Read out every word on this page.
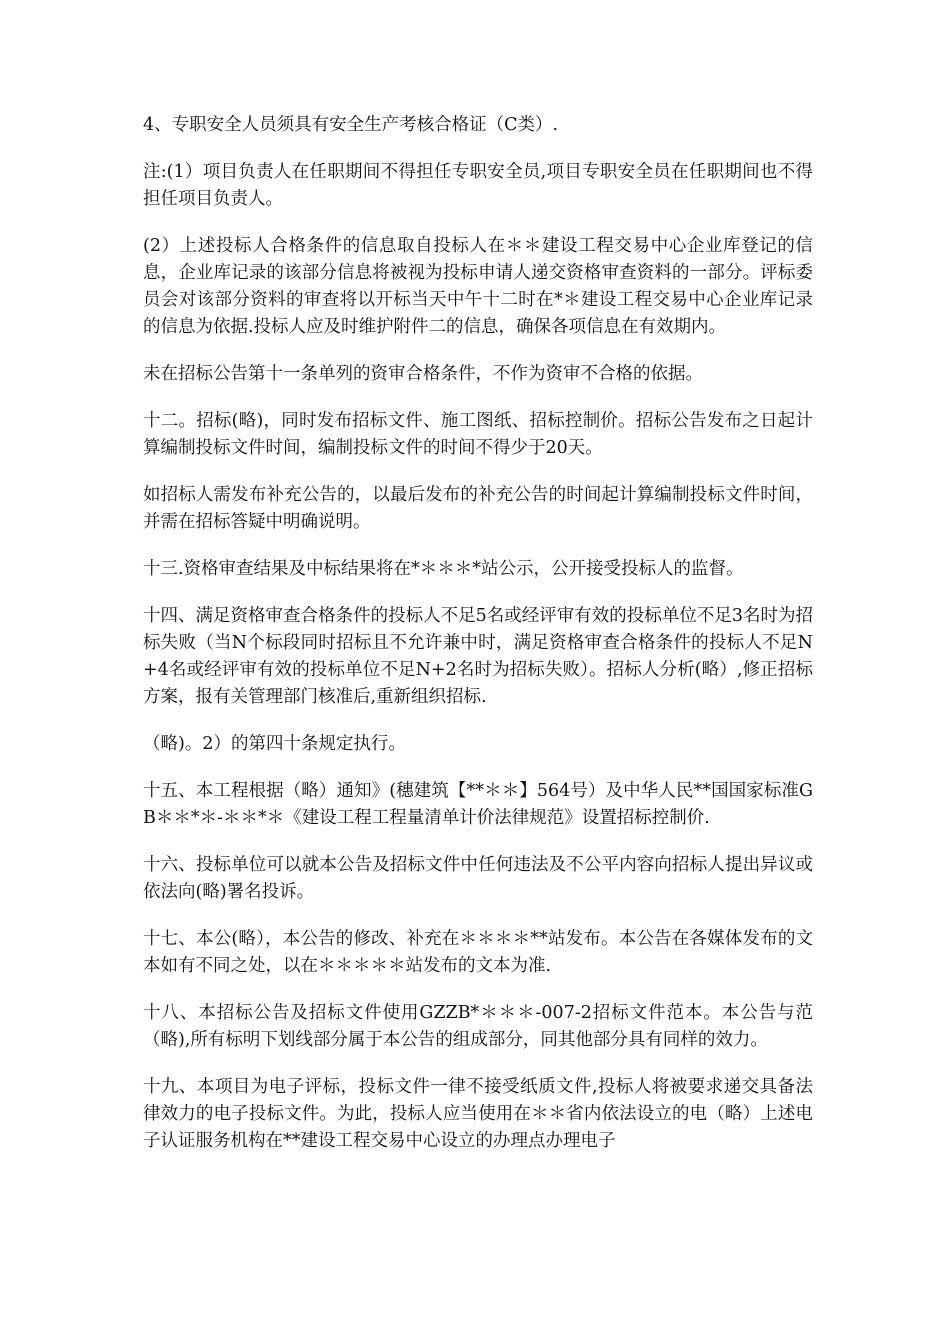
4、专职安全人员须具有安全生产考核合格证（C类）.

注:(1）项目负责人在任职期间不得担任专职安全员,项目专职安全员在任职期间也不得担任项目负责人。

(2）上述投标人合格条件的信息取自投标人在＊＊建设工程交易中心企业库登记的信息，企业库记录的该部分信息将被视为投标申请人递交资格审查资料的一部分。评标委员会对该部分资料的审查将以开标当天中午十二时在*＊建设工程交易中心企业库记录的信息为依据.投标人应及时维护附件二的信息，确保各项信息在有效期内。

未在招标公告第十一条单列的资审合格条件，不作为资审不合格的依据。

十二。招标(略)，同时发布招标文件、施工图纸、招标控制价。招标公告发布之日起计算编制投标文件时间，编制投标文件的时间不得少于20天。

如招标人需发布补充公告的，以最后发布的补充公告的时间起计算编制投标文件时间，并需在招标答疑中明确说明。

十三.资格审查结果及中标结果将在*＊＊＊*站公示，公开接受投标人的监督。

十四、满足资格审查合格条件的投标人不足5名或经评审有效的投标单位不足3名时为招标失败（当N个标段同时招标且不允许兼中时，满足资格审查合格条件的投标人不足N+4名或经评审有效的投标单位不足N+2名时为招标失败）。招标人分析(略）,修正招标方案，报有关管理部门核准后,重新组织招标.

（略)。2）的第四十条规定执行。

十五、本工程根据（略）通知》(穗建筑【**＊＊】564号）及中华人民**国国家标准GB＊＊*＊-＊＊*＊《建设工程工程量清单计价法律规范》设置招标控制价.

十六、投标单位可以就本公告及招标文件中任何违法及不公平内容向招标人提出异议或依法向(略)署名投诉。

十七、本公(略），本公告的修改、补充在＊＊＊＊**站发布。本公告在各媒体发布的文本如有不同之处，以在＊＊＊＊＊站发布的文本为准.

十八、本招标公告及招标文件使用GZZB*＊＊＊-007-2招标文件范本。本公告与范（略),所有标明下划线部分属于本公告的组成部分，同其他部分具有同样的效力。

十九、本项目为电子评标，投标文件一律不接受纸质文件,投标人将被要求递交具备法律效力的电子投标文件。为此，投标人应当使用在＊＊省内依法设立的电（略）上述电子认证服务机构在**建设工程交易中心设立的办理点办理电子
